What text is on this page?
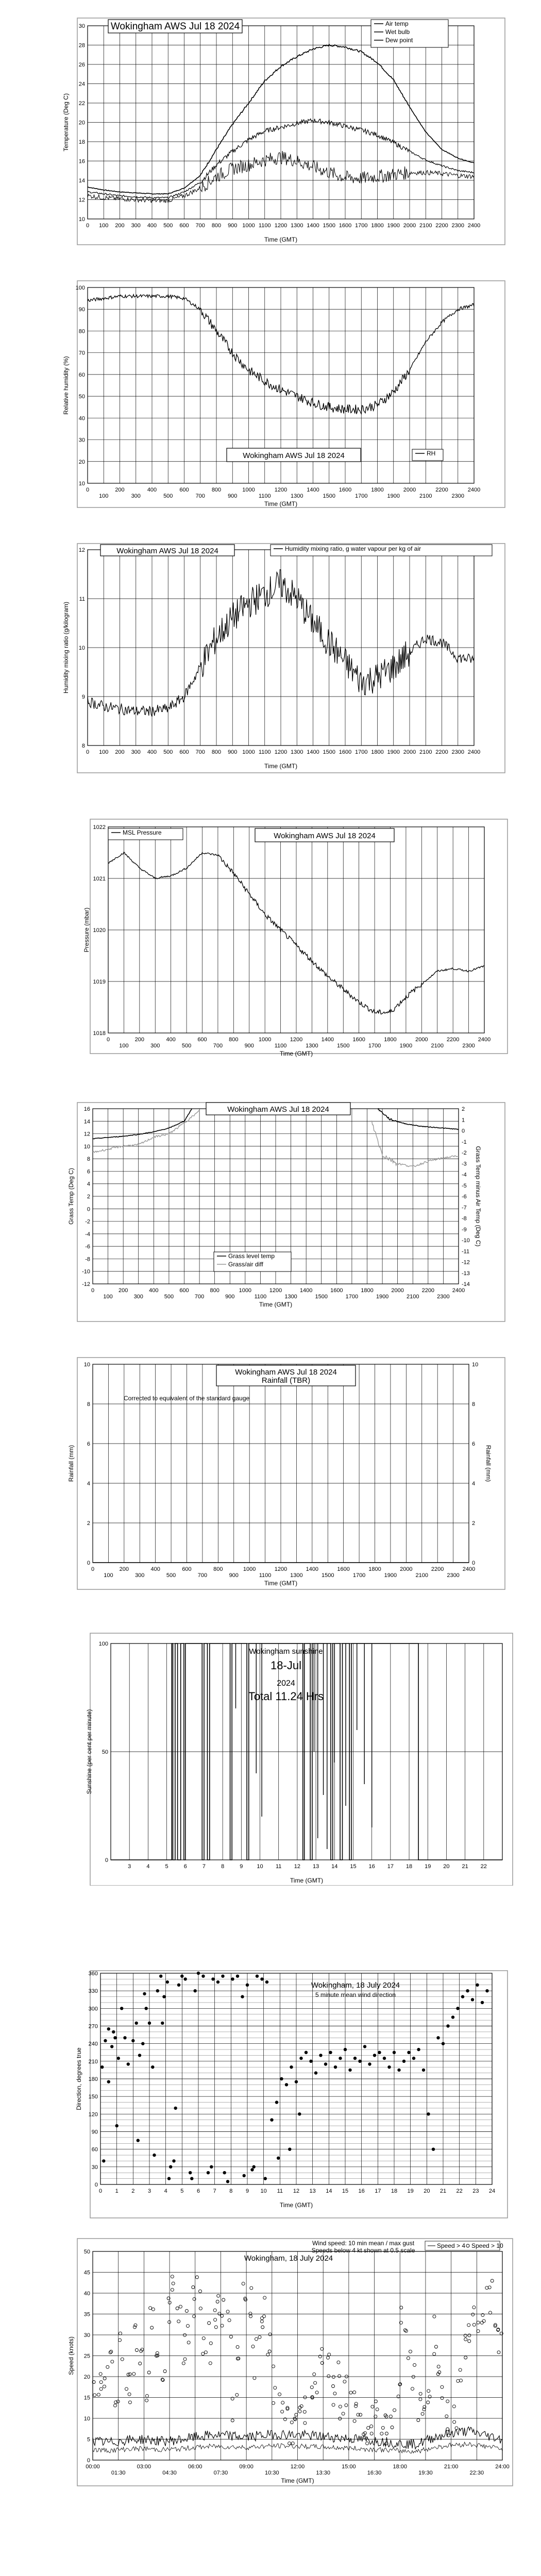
10
12
14
16
18
20
22
24
26
28
30
0 100 200 300 400 500 600 700 800 900 1000 1100 1200 1300 1400 1500 1600 1700 1800 1900 2000 2100 2200 2300 2400
Temperature (Deg C)
Time (GMT)
Wokingham AWS Jul 18 2024	Air temp
Wet bulb
Dew point
10
20
30
40
50
60
70
80
90
100
0
100
200
300
400
500
600
700
800
900
1000
1100
1200
1300
1400
1500
1600
1700
1800
1900
2000
2100
2200
2300
2400
Relative humidity (%)
Time (GMT)
Wokingham AWS Jul 18 2024	RH
8
9
10
11
12
0 100 200 300 400 500 600 700 800 900 1000 1100 1200 1300 1400 1500 1600 1700 1800 1900 2000 2100 2200 2300 2400
Humidity mixing ratio (g/kilogram)
Time (GMT)
Wokingham AWS Jul 18 2024	Humidity mixing ratio, g water vapour per kg of air
1018
1019
1020
1021
1022
0
100
200
300
400
500
600
700
800
900
1000
1100
1200
1300
1400
1500
1600
1700
1800
1900
2000
2100
2200
2300
2400
Pressure (mbar)
Time (GMT)
Wokingham AWS Jul 18 2024
MSL Pressure
-12
-10
-8
-6
-4
-2
0
2
4
6
8
10
12
14
16
0
100
200
300
400
500
600
700
800
900
1000
1100
1200
1300
1400
1500
1600
1700
1800
1900
2000
2100
2200
2300
2400
Grass Temp (Deg C)
Time (GMT)
Grass Temp minus Air Temp (Deg C)
-14
-13
-12
-11
-10
-9
-8
-7
-6
-5
-4
-3
-2
-1
0
1
2
Wokingham AWS Jul 18 2024
Grass level temp
Grass/air diff
0
2
4
6
8
10
0
100
200
300
400
500
600
700
800
900
1000
1100
1200
1300
1400
1500
1600
1700
1800
1900
2000
2100
2200
2300
2400
Rainfall (mm)
Time (GMT)
Rainfall (mm)
Corrected to equivalent of the standard gauge
0
2
4
6
8
10
Wokingham AWS Jul 18 2024
Rainfall (TBR)
0
50
100
3	4	5	6	7	8	9 10 11 12 13 14 15 16 17 18 19 20 21 22
Sunshine (per cent per minute)
Time (GMT)
Wokingham sunshine
18-Jul
2024
Total 11.24 Hrs
0
30
60
90
120
150
180
210
240
270
300
330
360
0 1 2 3 4 5 6 7 8 9 10 11 12 13 14 15 16 17 18 19 20 21 22 23 24
Direction, degrees true
Time (GMT)
Wokingham, 18 July 2024
5 minute mean wind direction
0
5
10
15
20
25
30
35
40
45
50
00:00
01:30
03:00
04:30
06:00
07:30
09:00
10:30
12:00
13:30
15:00
16:30
18:00
19:30
21:00
22:30
24:00
Speed (knots)
Time (GMT)
Wokingham, 18 July 2024
Wind speed: 10 min mean / max gust
Speeds below 4 kt shown at 0.5 scale
Speed > 4 Speed > 10
